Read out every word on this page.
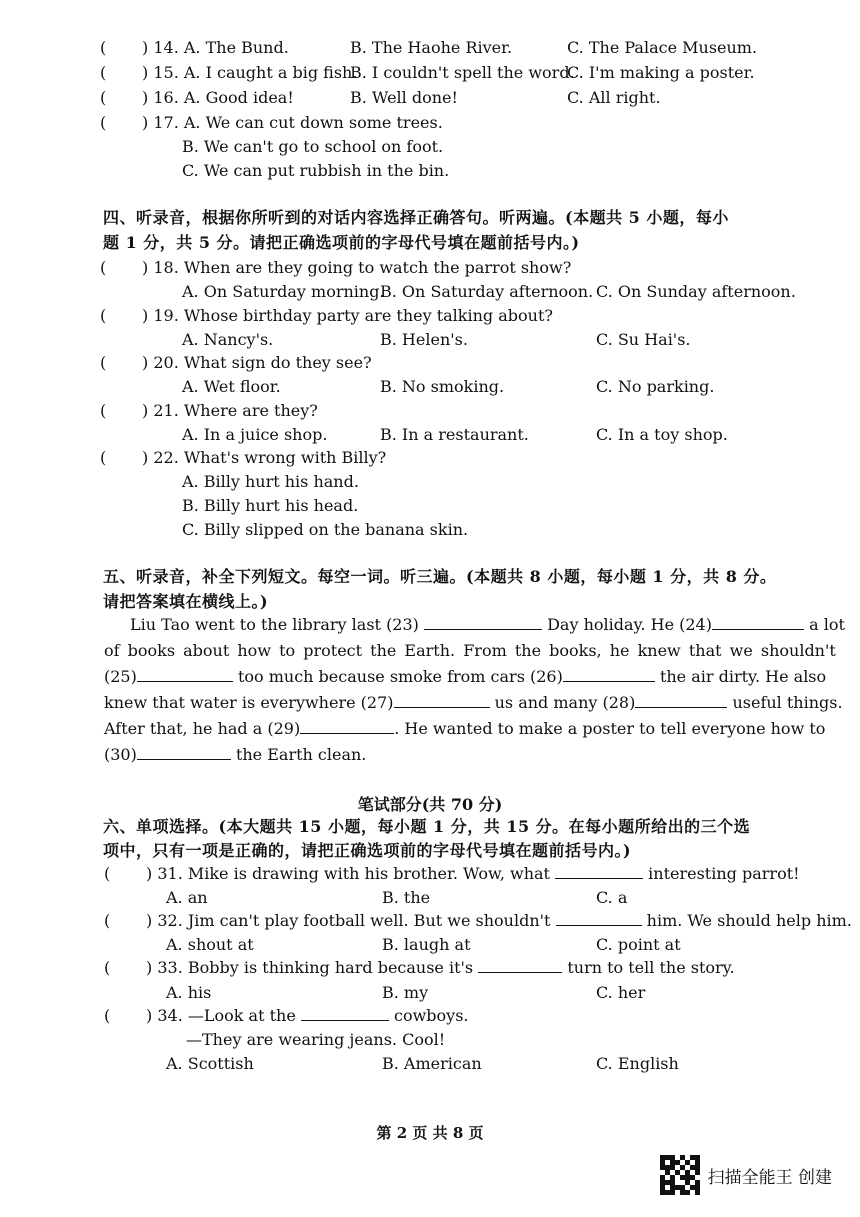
( ) 14. A. The Bund.	B. The Haohe River.	C. The Palace Museum.
( ) 15. A. I caught a big fish.
B. I couldn't spell the word.
C. I'm making a poster.
( ) 16. A. Good idea!	B. Well done!	C. All right.
( ) 17. A. We can cut down some trees.
B. We can't go to school on foot.
C. We can put rubbish in the bin.
四、听录音，根据你所听到的对话内容选择正确答句。听两遍。(本题共 5 小题，每小
题 1 分，共 5 分。请把正确选项前的字母代号填在题前括号内。)
( ) 18. When are they going to watch the parrot show?
A. On Saturday morning.
B. On Saturday afternoon. C. On Sunday afternoon.
( ) 19. Whose birthday party are they talking about?
A. Nancy's.	B. Helen's.	C. Su Hai's.
( ) 20. What sign do they see?
A. Wet floor.	B. No smoking.	C. No parking.
( ) 21. Where are they?
A. In a juice shop.	B. In a restaurant.	C. In a toy shop.
( ) 22. What's wrong with Billy?
A. Billy hurt his hand.
B. Billy hurt his head.
C. Billy slipped on the banana skin.
五、听录音，补全下列短文。每空一词。听三遍。(本题共 8 小题，每小题 1 分，共 8 分。
请把答案填在横线上。)
Liu Tao went to the library last (23)	Day holiday. He (24)	a lot
of books about how to protect the Earth. From the books, he knew that we shouldn't
(25)	too much because smoke from cars (26)	the air dirty. He also
knew that water is everywhere (27)	us and many (28)	useful things.
After that, he had a (29)	. He wanted to make a poster to tell everyone how to
(30)	the Earth clean.
笔试部分(共 70 分)
六、单项选择。(本大题共 15 小题，每小题 1 分，共 15 分。在每小题所给出的三个选
项中，只有一项是正确的，请把正确选项前的字母代号填在题前括号内。)
( ) 31. Mike is drawing with his brother. Wow, what	interesting parrot!
A. an	B. the	C. a
( ) 32. Jim can't play football well. But we shouldn't	him. We should help him.
A. shout at	B. laugh at	C. point at
( ) 33. Bobby is thinking hard because it's	turn to tell the story.
A. his	B. my	C. her
( ) 34. —Look at the	cowboys.
—They are wearing jeans. Cool!
A. Scottish	B. American	C. English
第 2 页 共 8 页
扫描全能王 创建
